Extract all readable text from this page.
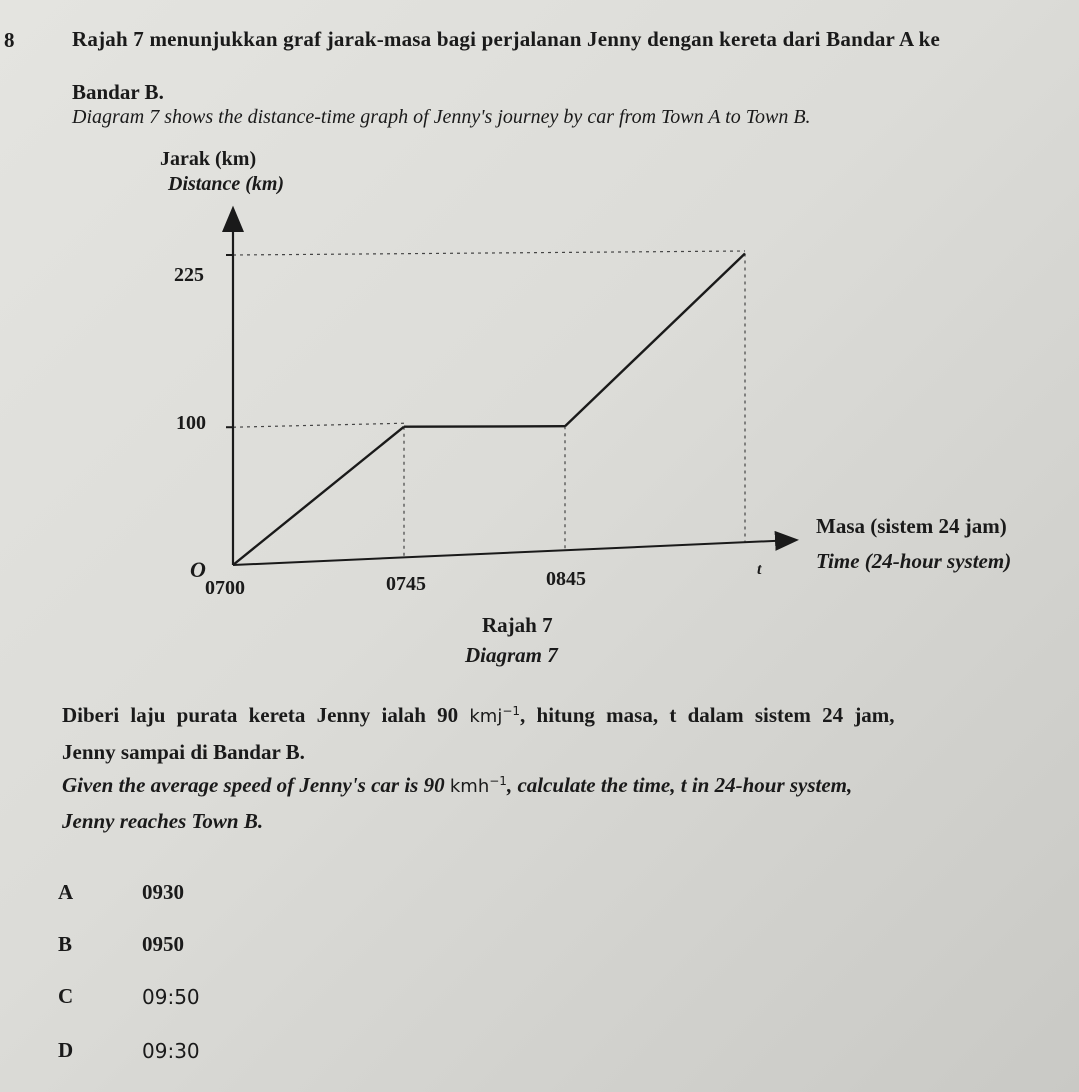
8	Rajah 7 menunjukkan graf jarak-masa bagi perjalanan Jenny dengan kereta dari Bandar A ke
Bandar B.
Diagram 7 shows the distance-time graph of Jenny's journey by car from Town A to Town B.
Jarak (km)
Distance (km)
100
225
0700	0745	0845	t
O
Masa (sistem 24 jam)
Time (24-hour system)
Rajah 7
Diagram 7
Diberi laju purata kereta Jenny ialah 90 kmj$^{-1}$, hitung masa, t dalam sistem 24 jam,
Jenny sampai di Bandar B.
Given the average speed of Jenny's car is 90 kmh$^{-1}$, calculate the time, t in 24-hour system,
Jenny reaches Town B.
A	0930
B	0950
C	09:50
D	09:30
